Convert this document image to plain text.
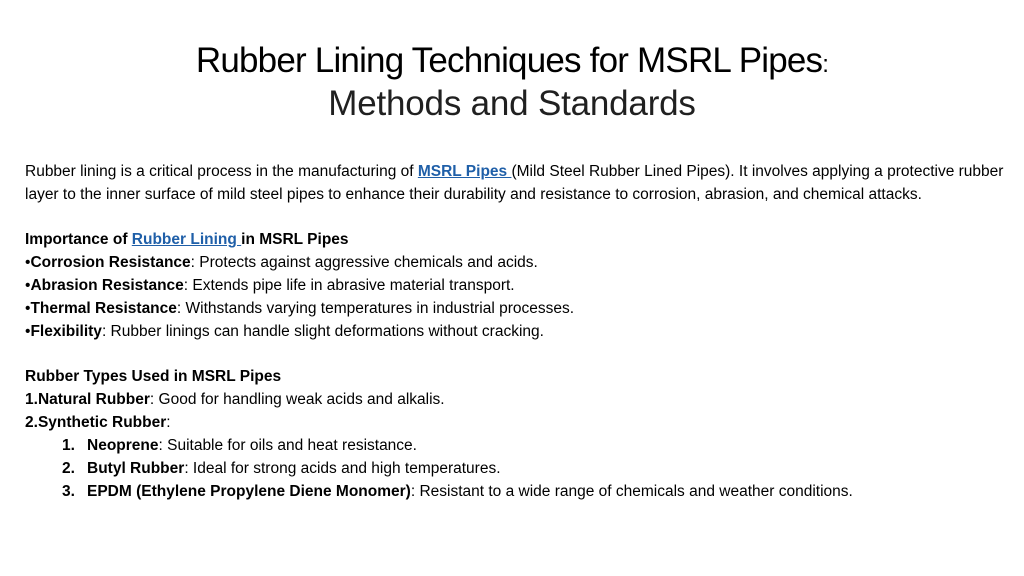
Rubber Lining Techniques for MSRL Pipes:
Methods and Standards

Rubber lining is a critical process in the manufacturing of MSRL Pipes (Mild Steel Rubber Lined Pipes). It involves applying a protective rubber layer to the inner surface of mild steel pipes to enhance their durability and resistance to corrosion, abrasion, and chemical attacks.

Importance of Rubber Lining in MSRL Pipes

•Corrosion Resistance: Protects against aggressive chemicals and acids.

•Abrasion Resistance: Extends pipe life in abrasive material transport.

•Thermal Resistance: Withstands varying temperatures in industrial processes.

•Flexibility: Rubber linings can handle slight deformations without cracking.

Rubber Types Used in MSRL Pipes

1.Natural Rubber: Good for handling weak acids and alkalis.

2.Synthetic Rubber:

1. Neoprene: Suitable for oils and heat resistance.

2. Butyl Rubber: Ideal for strong acids and high temperatures.

3. EPDM (Ethylene Propylene Diene Monomer): Resistant to a wide range of chemicals and weather conditions.
